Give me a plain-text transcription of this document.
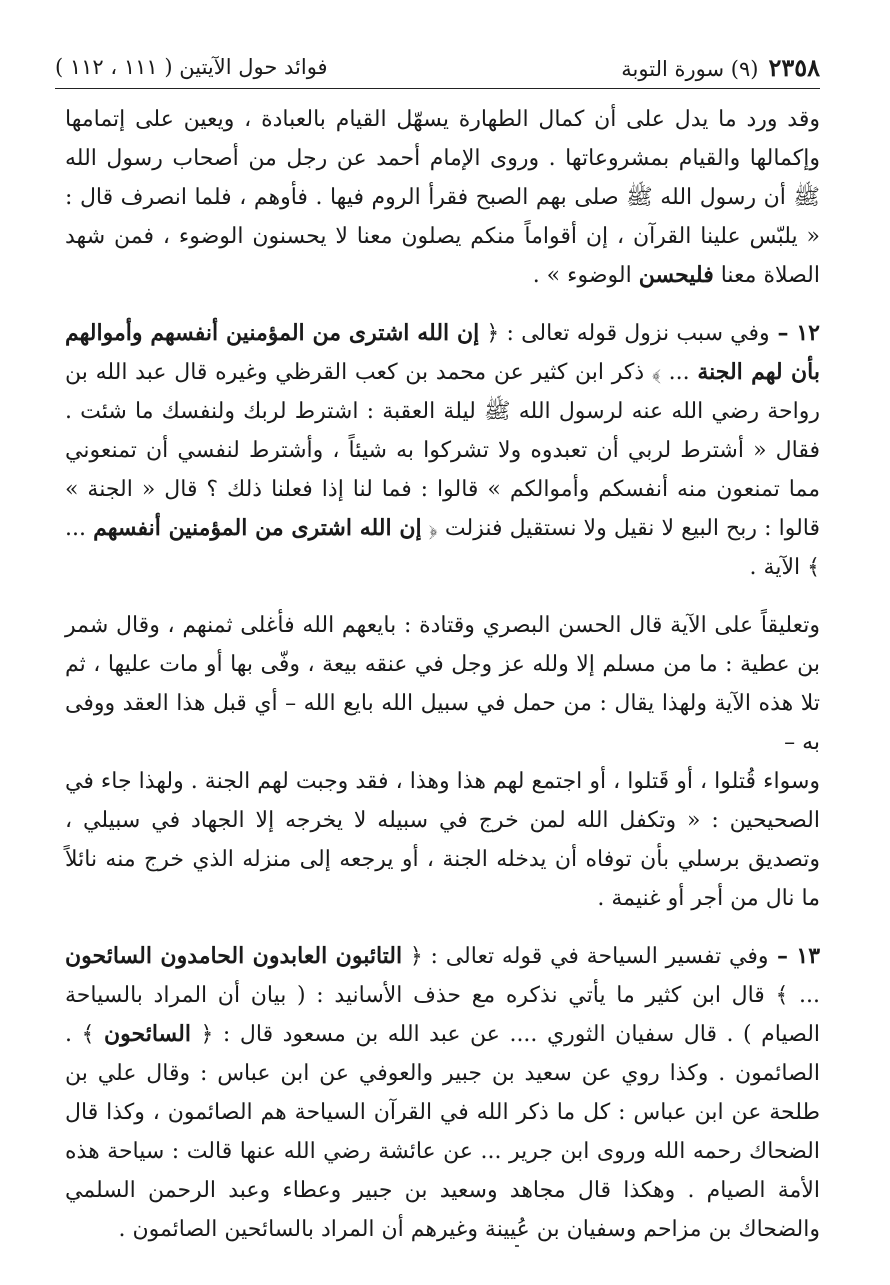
٢٣٥٨
(٩) سورة التوبة
فوائد حول الآيتين ( ١١١ ، ١١٢ )

وقد ورد ما يدل على أن كمال الطهارة يسهّل القيام بالعبادة ، ويعين على إتمامها وإكمالها والقيام بمشروعاتها . وروى الإمام أحمد عن رجل من أصحاب رسول الله ﷺ أن رسول الله ﷺ صلى بهم الصبح فقرأ الروم فيها . فأوهم ، فلما انصرف قال : « يلبّس علينا القرآن ، إن أقواماً منكم يصلون معنا لا يحسنون الوضوء ، فمن شهد الصلاة معنا فليحسن الوضوء » .

١٢ – وفي سبب نزول قوله تعالى : ﴿ إن الله اشترى من المؤمنين أنفسهم وأموالهم بأن لهم الجنة ... ﴾ ذكر ابن كثير عن محمد بن كعب القرظي وغيره قال عبد الله بن رواحة رضي الله عنه لرسول الله ﷺ ليلة العقبة : اشترط لربك ولنفسك ما شئت . فقال « أشترط لربي أن تعبدوه ولا تشركوا به شيئاً ، وأشترط لنفسي أن تمنعوني مما تمنعون منه أنفسكم وأموالكم » قالوا : فما لنا إذا فعلنا ذلك ؟ قال « الجنة » قالوا : ربح البيع لا نقيل ولا نستقيل فنزلت ﴿ إن الله اشترى من المؤمنين أنفسهم ... ﴾ الآية .

وتعليقاً على الآية قال الحسن البصري وقتادة : بايعهم الله فأغلى ثمنهم ، وقال شمر بن عطية : ما من مسلم إلا ولله عز وجل في عنقه بيعة ، وفّى بها أو مات عليها ، ثم تلا هذه الآية ولهذا يقال : من حمل في سبيل الله بايع الله – أي قبل هذا العقد ووفى به –

وسواء قُتلوا ، أو قَتلوا ، أو اجتمع لهم هذا وهذا ، فقد وجبت لهم الجنة . ولهذا جاء في الصحيحين : « وتكفل الله لمن خرج في سبيله لا يخرجه إلا الجهاد في سبيلي ، وتصديق برسلي بأن توفاه أن يدخله الجنة ، أو يرجعه إلى منزله الذي خرج منه نائلاً ما نال من أجر أو غنيمة .

١٣ – وفي تفسير السياحة في قوله تعالى : ﴿ التائبون العابدون الحامدون السائحون ... ﴾ قال ابن كثير ما يأتي نذكره مع حذف الأسانيد : ( بيان أن المراد بالسياحة الصيام ) . قال سفيان الثوري .... عن عبد الله بن مسعود قال : ﴿ السائحون ﴾ . الصائمون . وكذا روي عن سعيد بن جبير والعوفي عن ابن عباس : وقال علي بن طلحة عن ابن عباس : كل ما ذكر الله في القرآن السياحة هم الصائمون ، وكذا قال الضحاك رحمه الله وروى ابن جرير ... عن عائشة رضي الله عنها قالت : سياحة هذه الأمة الصيام . وهكذا قال مجاهد وسعيد بن جبير وعطاء وعبد الرحمن السلمي والضحاك بن مزاحم وسفيان بن عُيينة وغيرهم أن المراد بالسائحين الصائمون .
